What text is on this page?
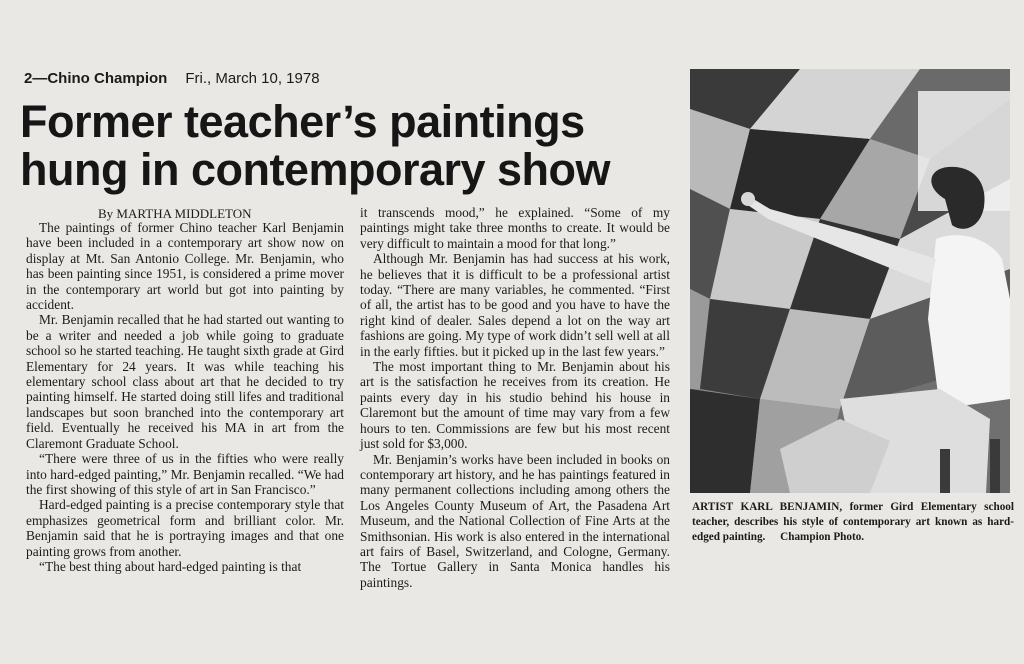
2—Chino Champion Fri., March 10, 1978
Former teacher’s paintings
hung in contemporary show
By MARTHA MIDDLETON

The paintings of former Chino teacher Karl Benjamin have been included in a contemporary art show now on display at Mt. San Antonio College. Mr. Benjamin, who has been painting since 1951, is considered a prime mover in the contemporary art world but got into painting by accident.

Mr. Benjamin recalled that he had started out wanting to be a writer and needed a job while going to graduate school so he started teaching. He taught sixth grade at Gird Elementary for 24 years. It was while teaching his elementary school class about art that he decided to try painting himself. He started doing still lifes and traditional landscapes but soon branched into the contemporary art field. Eventually he received his MA in art from the Claremont Graduate School.

“There were three of us in the fifties who were really into hard-edged painting,” Mr. Benjamin recalled. “We had the first showing of this style of art in San Francisco.”

Hard-edged painting is a precise contemporary style that emphasizes geometrical form and brilliant color. Mr. Benjamin said that he is portraying images and that one painting grows from another.

“The best thing about hard-edged painting is that

it transcends mood,” he explained. “Some of my paintings might take three months to create. It would be very difficult to maintain a mood for that long.”

Although Mr. Benjamin has had success at his work, he believes that it is difficult to be a professional artist today. “There are many variables, he commented. “First of all, the artist has to be good and you have to have the right kind of dealer. Sales depend a lot on the way art fashions are going. My type of work didn’t sell well at all in the early fifties. but it picked up in the last few years.”

The most important thing to Mr. Benjamin about his art is the satisfaction he receives from its creation. He paints every day in his studio behind his house in Claremont but the amount of time may vary from a few hours to ten. Commissions are few but his most recent just sold for $3,000.

Mr. Benjamin’s works have been included in books on contemporary art history, and he has paintings featured in many permanent collections including among others the Los Angeles County Museum of Art, the Pasadena Art Museum, and the National Collection of Fine Arts at the Smithsonian. His work is also entered in the international art fairs of Basel, Switzerland, and Cologne, Germany. The Tortue Gallery in Santa Monica handles his paintings.

ARTIST KARL BENJAMIN, former Gird Elementary school teacher, describes his style of contemporary art known as hard-edged painting. Champion Photo.
